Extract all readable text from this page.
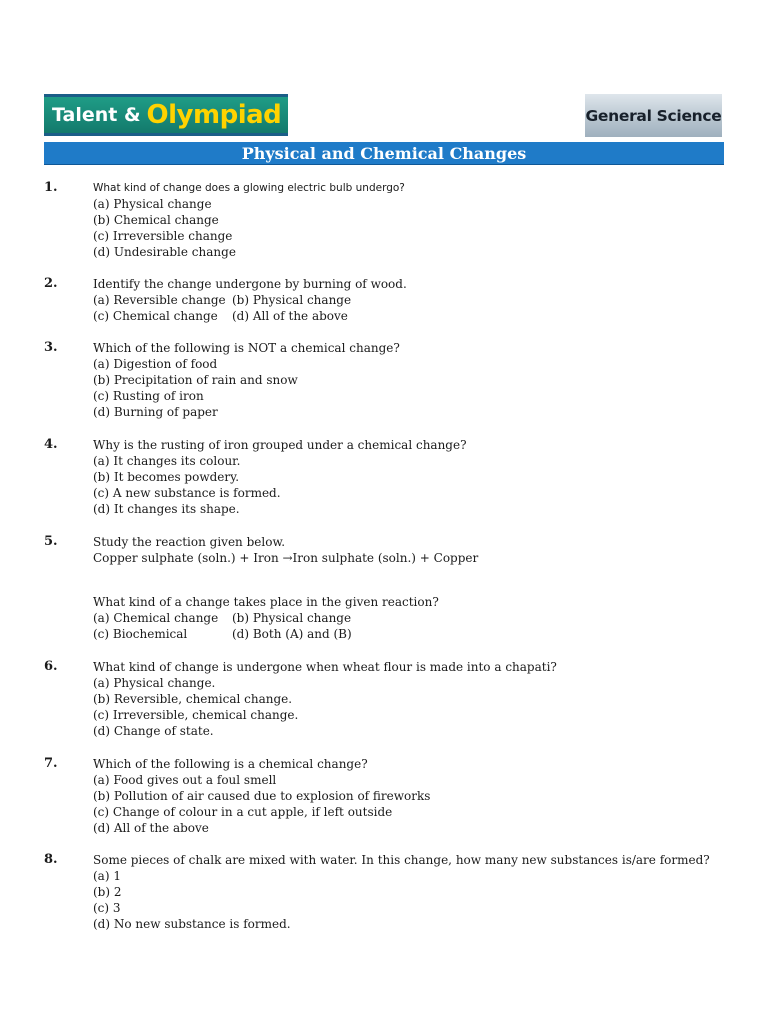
Talent & Olympiad	General Science
Physical and Chemical Changes
1.	What kind of change does a glowing electric bulb undergo?
(a) Physical change
(b) Chemical change
(c) Irreversible change
(d) Undesirable change
2.	Identify the change undergone by burning of wood.
(a) Reversible change (b) Physical change
(c) Chemical change (d) All of the above
3.	Which of the following is NOT a chemical change?
(a) Digestion of food
(b) Precipitation of rain and snow
(c) Rusting of iron
(d) Burning of paper
4.	Why is the rusting of iron grouped under a chemical change?
(a) It changes its colour.
(b) It becomes powdery.
(c) A new substance is formed.
(d) It changes its shape.
5.	Study the reaction given below.
Copper sulphate (soln.) + Iron →Iron sulphate (soln.) + Copper
What kind of a change takes place in the given reaction?
(a) Chemical change (b) Physical change
(c) Biochemical	(d) Both (A) and (B)
6.	What kind of change is undergone when wheat flour is made into a chapati?
(a) Physical change.
(b) Reversible, chemical change.
(c) Irreversible, chemical change.
(d) Change of state.
7.	Which of the following is a chemical change?
(a) Food gives out a foul smell
(b) Pollution of air caused due to explosion of fireworks
(c) Change of colour in a cut apple, if left outside
(d) All of the above
8.	Some pieces of chalk are mixed with water. In this change, how many new substances is/are formed?
(a) 1
(b) 2
(c) 3
(d) No new substance is formed.
